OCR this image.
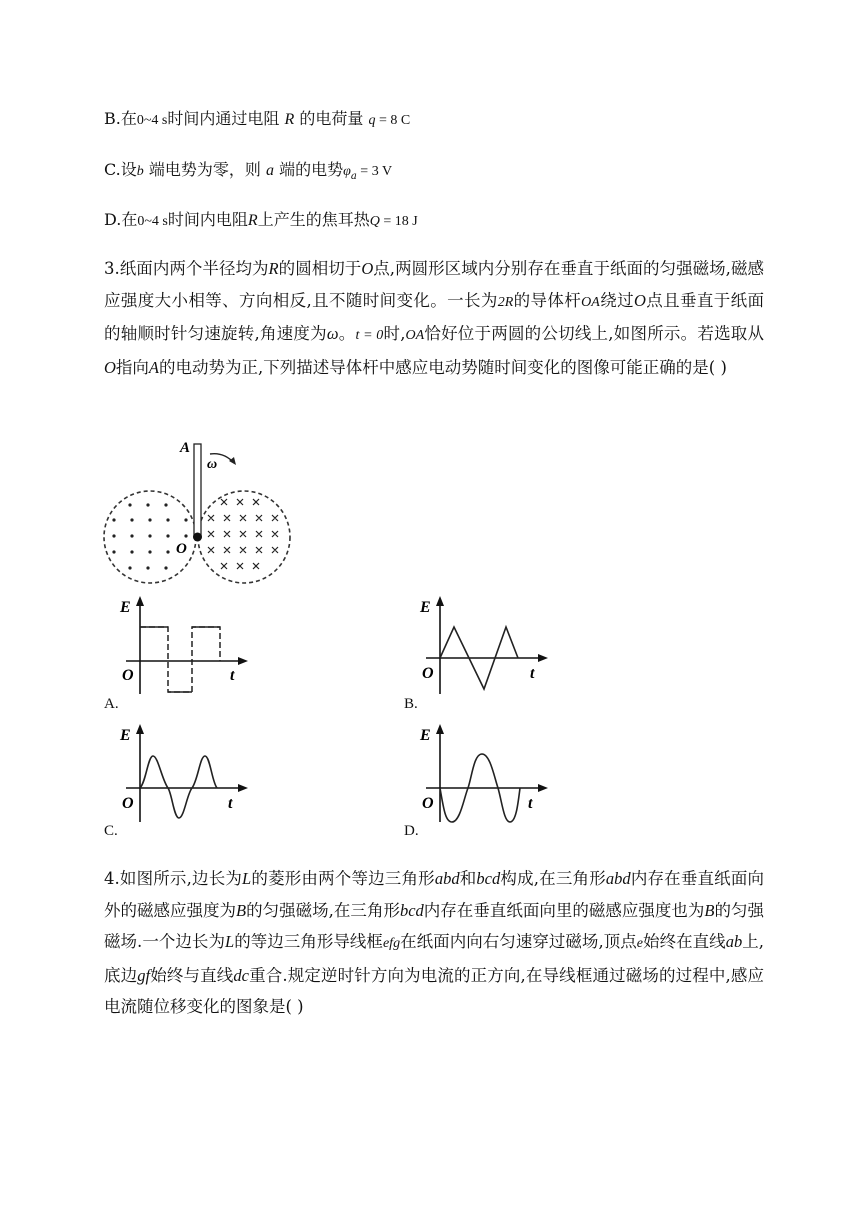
B.在0~4 s时间内通过电阻 R 的电荷量 q = 8 C
C.设b 端电势为零，则 a 端的电势$\varphi_a = 3$ V
D.在0~4 s时间内电阻R上产生的焦耳热Q = 18 J
3.纸面内两个半径均为R的圆相切于O点,两圆形区域内分别存在垂直于纸面的匀强磁场,磁感应强度大小相等、方向相反,且不随时间变化。一长为2R的导体杆OA绕过O点且垂直于纸面的轴顺时针匀速旋转,角速度为ω。t = 0时,OA恰好位于两圆的公切线上,如图所示。若选取从O指向A的电动势为正,下列描述导体杆中感应电动势随时间变化的图像可能正确的是( )
A
ω
O
E
O	t
A.
E
O	t
B.
E
O	t
C.
E
O	t
D.
4.如图所示,边长为L的菱形由两个等边三角形abd和bcd构成,在三角形abd内存在垂直纸面向外的磁感应强度为B的匀强磁场,在三角形bcd内存在垂直纸面向里的磁感应强度也为B的匀强磁场.一个边长为L的等边三角形导线框efg在纸面内向右匀速穿过磁场,顶点e始终在直线ab上,底边gf始终与直线dc重合.规定逆时针方向为电流的正方向,在导线框通过磁场的过程中,感应电流随位移变化的图象是( )
